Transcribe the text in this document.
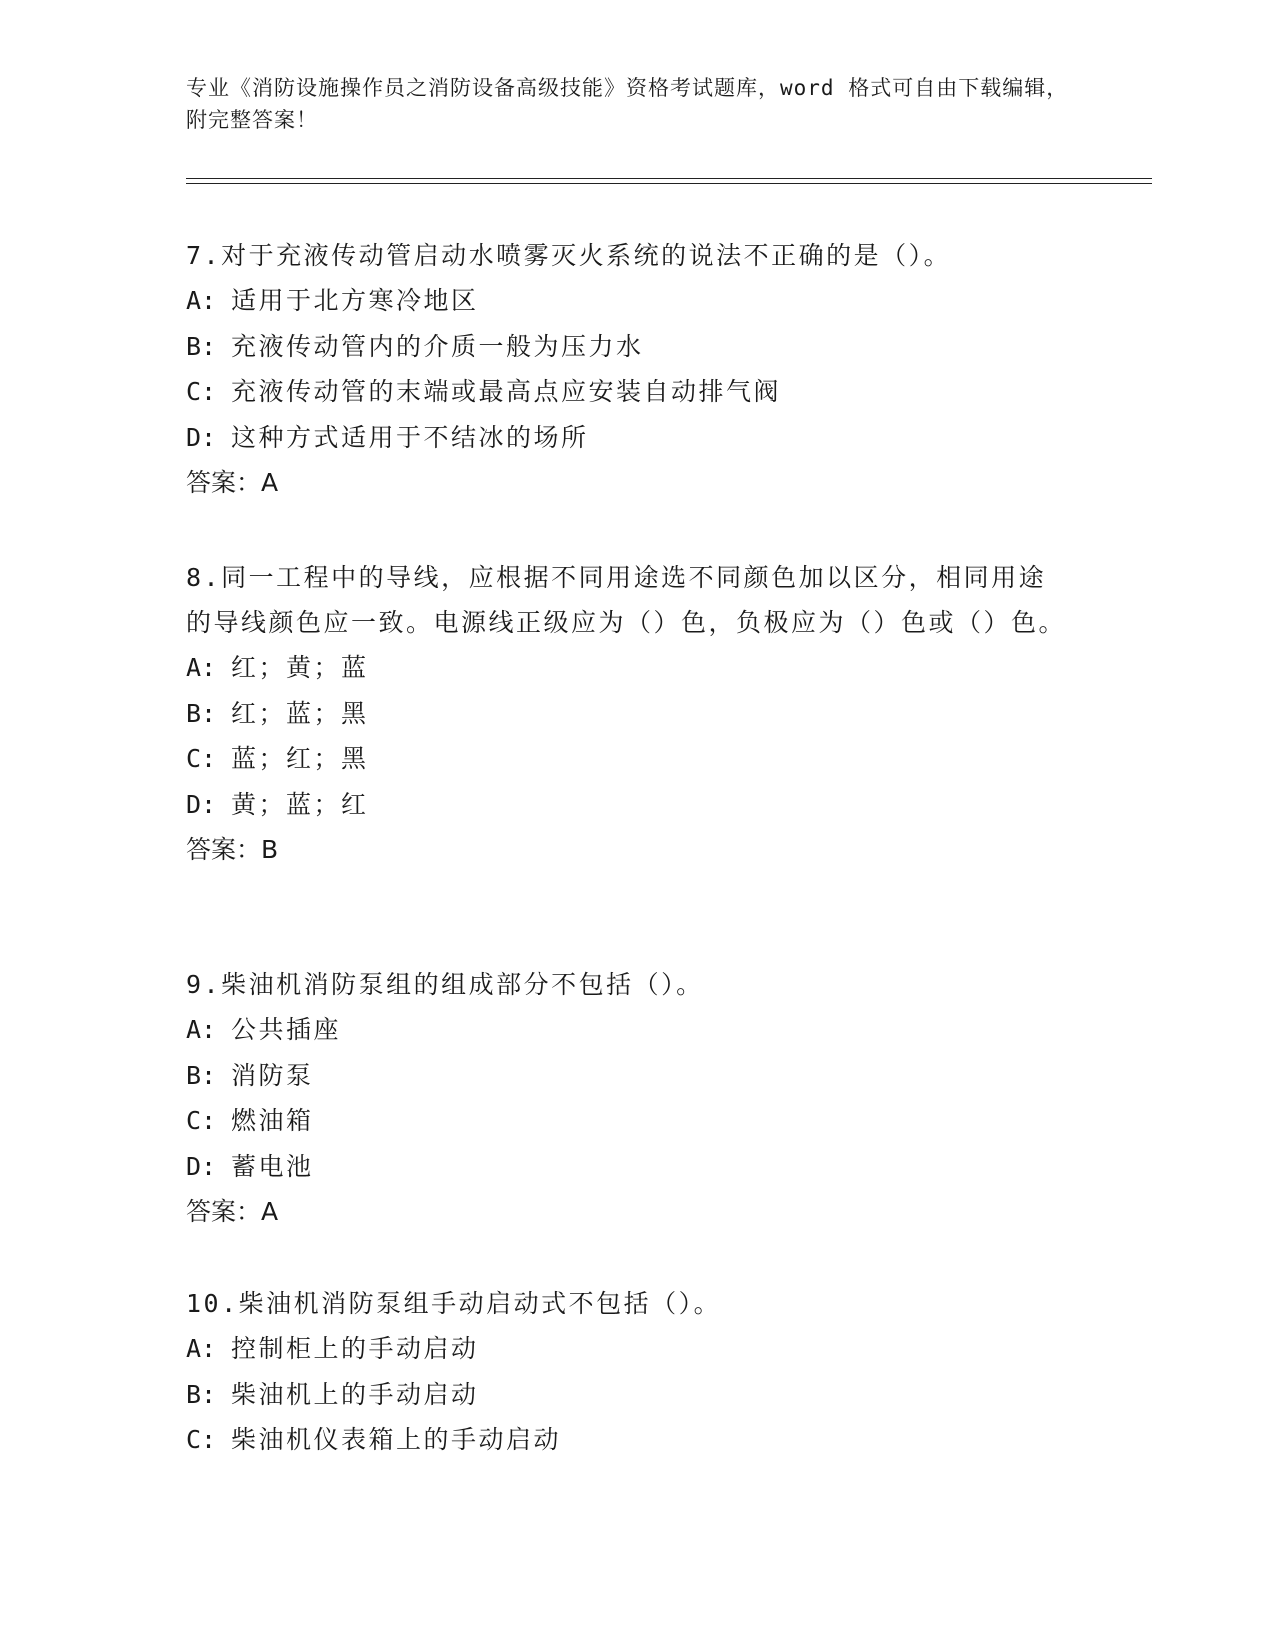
专业《消防设施操作员之消防设备高级技能》资格考试题库，word 格式可自由下载编辑，附完整答案！

7.对于充液传动管启动水喷雾灭火系统的说法不正确的是（）。

A: 适用于北方寒冷地区

B: 充液传动管内的介质一般为压力水

C: 充液传动管的末端或最高点应安装自动排气阀

D: 这种方式适用于不结冰的场所

答案：A

8.同一工程中的导线，应根据不同用途选不同颜色加以区分，相同用途的导线颜色应一致。电源线正级应为（）色，负极应为（）色或（）色。

A: 红；黄；蓝

B: 红；蓝；黑

C: 蓝；红；黑

D: 黄；蓝；红

答案：B

9.柴油机消防泵组的组成部分不包括（）。

A: 公共插座

B: 消防泵

C: 燃油箱

D: 蓄电池

答案：A

10.柴油机消防泵组手动启动式不包括（）。

A: 控制柜上的手动启动

B: 柴油机上的手动启动

C: 柴油机仪表箱上的手动启动
